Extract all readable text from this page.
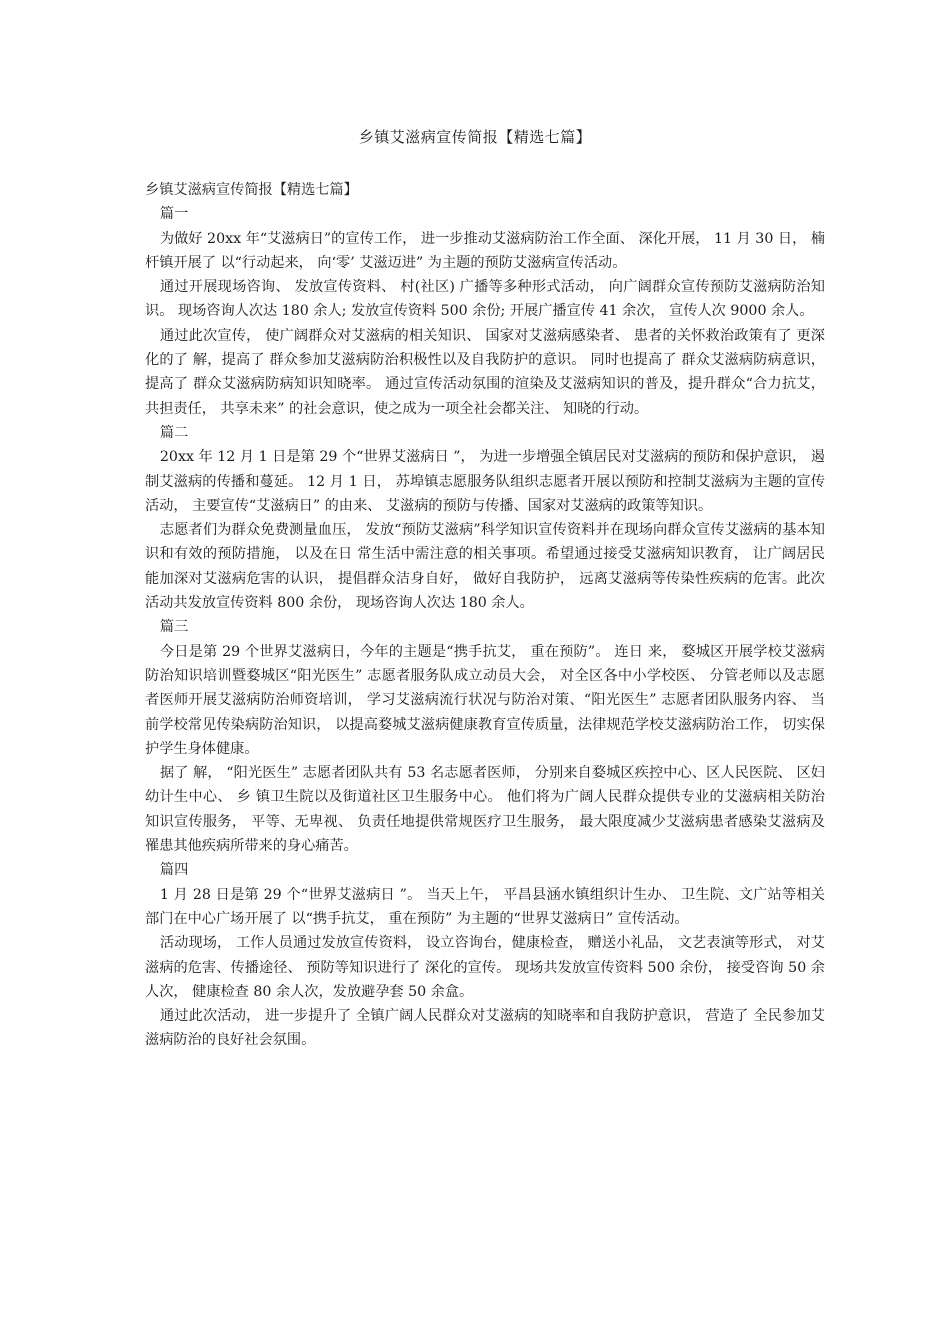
乡镇艾滋病宣传简报【精选七篇】

乡镇艾滋病宣传简报【精选七篇】

篇一

为做好 20xx 年“艾滋病日”的宣传工作， 进一步推动艾滋病防治工作全面、 深化开展， 11 月 30 日， 楠杆镇开展了 以“行动起来， 向‘零’ 艾滋迈进” 为主题的预防艾滋病宣传活动。

通过开展现场咨询、 发放宣传资料、 村(社区) 广播等多种形式活动， 向广阔群众宣传预防艾滋病防治知识。 现场咨询人次达 180 余人; 发放宣传资料 500 余份; 开展广播宣传 41 余次， 宣传人次 9000 余人。

通过此次宣传， 使广阔群众对艾滋病的相关知识、 国家对艾滋病感染者、 患者的关怀救治政策有了 更深化的了 解，提高了 群众参加艾滋病防治积极性以及自我防护的意识。 同时也提高了 群众艾滋病防病意识， 提高了 群众艾滋病防病知识知晓率。 通过宣传活动氛围的渲染及艾滋病知识的普及，提升群众“合力抗艾， 共担责任， 共享未来” 的社会意识，使之成为一项全社会都关注、 知晓的行动。

篇二

20xx 年 12 月 1 日是第 29 个“世界艾滋病日 ”， 为进一步增强全镇居民对艾滋病的预防和保护意识， 遏制艾滋病的传播和蔓延。 12 月 1 日， 苏埠镇志愿服务队组织志愿者开展以预防和控制艾滋病为主题的宣传活动， 主要宣传“艾滋病日” 的由来、 艾滋病的预防与传播、国家对艾滋病的政策等知识。

志愿者们为群众免费测量血压， 发放“预防艾滋病”科学知识宣传资料并在现场向群众宣传艾滋病的基本知识和有效的预防措施， 以及在日 常生活中需注意的相关事项。希望通过接受艾滋病知识教育， 让广阔居民能加深对艾滋病危害的认识， 提倡群众洁身自好， 做好自我防护， 远离艾滋病等传染性疾病的危害。此次活动共发放宣传资料 800 余份， 现场咨询人次达 180 余人。

篇三

今日是第 29 个世界艾滋病日，今年的主题是“携手抗艾， 重在预防”。 连日 来， 婺城区开展学校艾滋病防治知识培训暨婺城区“阳光医生” 志愿者服务队成立动员大会， 对全区各中小学校医、 分管老师以及志愿者医师开展艾滋病防治师资培训， 学习艾滋病流行状况与防治对策、“阳光医生” 志愿者团队服务内容、 当前学校常见传染病防治知识， 以提高婺城艾滋病健康教育宣传质量，法律规范学校艾滋病防治工作， 切实保护学生身体健康。

据了 解， “阳光医生” 志愿者团队共有 53 名志愿者医师， 分别来自婺城区疾控中心、区人民医院、 区妇幼计生中心、 乡 镇卫生院以及街道社区卫生服务中心。 他们将为广阔人民群众提供专业的艾滋病相关防治知识宣传服务， 平等、无卑视、 负责任地提供常规医疗卫生服务， 最大限度减少艾滋病患者感染艾滋病及罹患其他疾病所带来的身心痛苦。

篇四

1 月 28 日是第 29 个“世界艾滋病日 ”。 当天上午， 平昌县涵水镇组织计生办、 卫生院、文广站等相关部门在中心广场开展了 以“携手抗艾， 重在预防” 为主题的“世界艾滋病日” 宣传活动。

活动现场， 工作人员通过发放宣传资料， 设立咨询台，健康检查， 赠送小礼品， 文艺表演等形式， 对艾滋病的危害、传播途径、 预防等知识进行了 深化的宣传。 现场共发放宣传资料 500 余份， 接受咨询 50 余人次， 健康检查 80 余人次，发放避孕套 50 余盒。

通过此次活动， 进一步提升了 全镇广阔人民群众对艾滋病的知晓率和自我防护意识， 营造了 全民参加艾滋病防治的良好社会氛围。
